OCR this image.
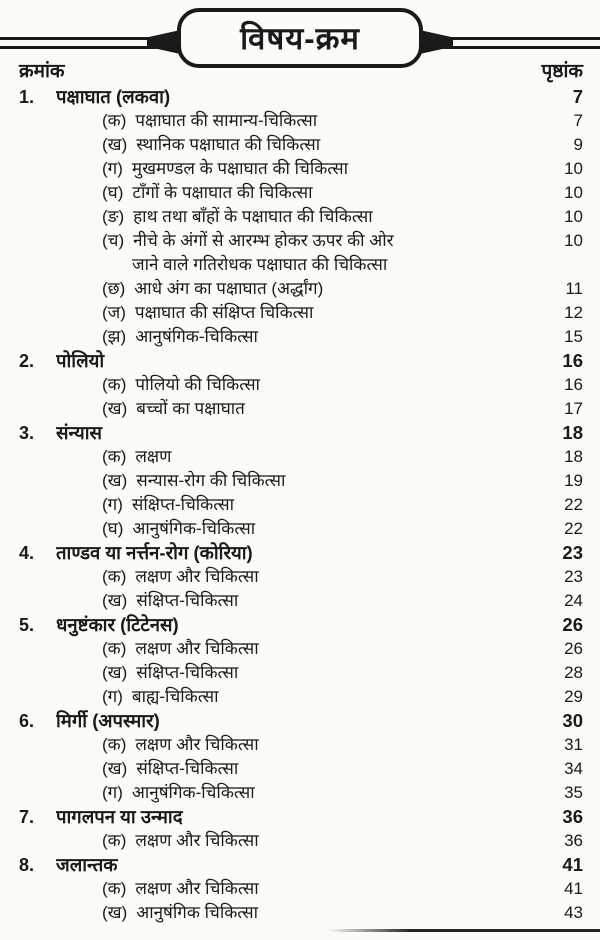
विषय-क्रम
क्रमांक	पृष्ठांक
1.	पक्षाघात (लकवा)	7
(क) पक्षाघात की सामान्य-चिकित्सा	7
(ख) स्थानिक पक्षाघात की चिकित्सा	9
(ग) मुखमण्डल के पक्षाघात की चिकित्सा	10
(घ) टाँगों के पक्षाघात की चिकित्सा	10
(ङ) हाथ तथा बाँहों के पक्षाघात की चिकित्सा	10
(च) नीचे के अंगों से आरम्भ होकर ऊपर की ओर	10
जाने वाले गतिरोधक पक्षाघात की चिकित्सा
(छ) आधे अंग का पक्षाघात (अर्द्धांग)	11
(ज) पक्षाघात की संक्षिप्त चिकित्सा	12
(झ) आनुषंगिक-चिकित्सा	15
2.	पोलियो	16
(क) पोलियो की चिकित्सा	16
(ख) बच्चों का पक्षाघात	17
3.	संन्यास	18
(क) लक्षण	18
(ख) सन्यास-रोग की चिकित्सा	19
(ग) संक्षिप्त-चिकित्सा	22
(घ) आनुषंगिक-चिकित्सा	22
4.	ताण्डव या नर्त्तन-रोग (कोरिया)	23
(क) लक्षण और चिकित्सा	23
(ख) संक्षिप्त-चिकित्सा	24
5.	धनुष्टंकार (टिटेनस)	26
(क) लक्षण और चिकित्सा	26
(ख) संक्षिप्त-चिकित्सा	28
(ग) बाह्य-चिकित्सा	29
6.	मिर्गी (अपस्मार)	30
(क) लक्षण और चिकित्सा	31
(ख) संक्षिप्त-चिकित्सा	34
(ग) आनुषंगिक-चिकित्सा	35
7.	पागलपन या उन्माद	36
(क) लक्षण और चिकित्सा	36
8.	जलान्तक	41
(क) लक्षण और चिकित्सा	41
(ख) आनुषंगिक चिकित्सा	43
